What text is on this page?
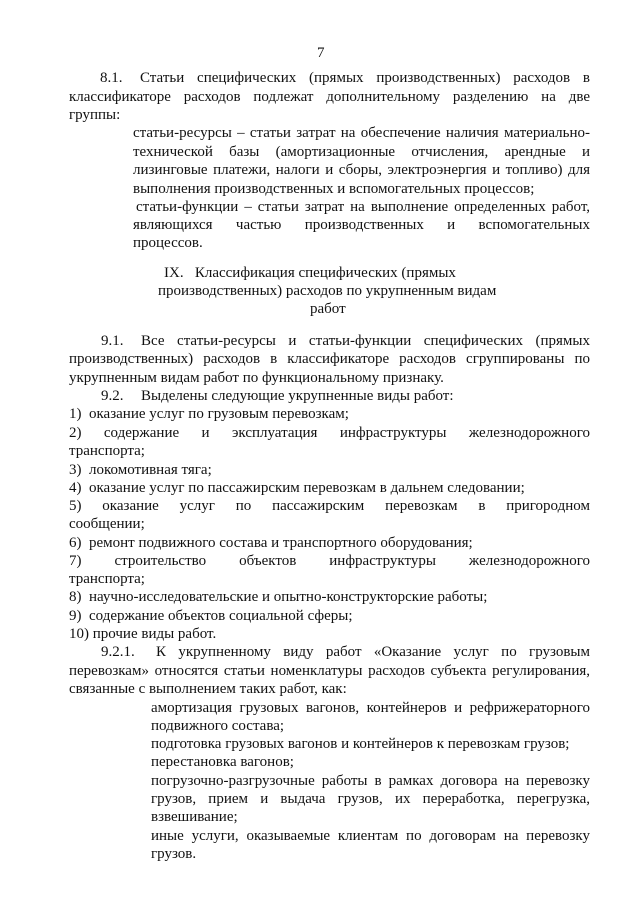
7
8.1. Статьи специфических (прямых производственных) расходов в
классификаторе расходов подлежат дополнительному разделению на две
группы:
статьи-ресурсы – статьи затрат на обеспечение наличия материально-
технической базы (амортизационные отчисления, арендные и
лизинговые платежи, налоги и сборы, электроэнергия и топливо) для
выполнения производственных и вспомогательных процессов;
статьи-функции – статьи затрат на выполнение определенных работ,
являющихся частью производственных и вспомогательных
процессов.
IX.   Классификация специфических (прямых
производственных) расходов по укрупненным видам
работ
9.1. Все статьи-ресурсы и статьи-функции специфических (прямых
производственных) расходов в классификаторе расходов сгруппированы по
укрупненным видам работ по функциональному признаку.
9.2. Выделены следующие укрупненные виды работ:
1)  оказание услуг по грузовым перевозкам;
2) содержание и эксплуатация инфраструктуры железнодорожного
транспорта;
3)  локомотивная тяга;
4)  оказание услуг по пассажирским перевозкам в дальнем следовании;
5) оказание услуг по пассажирским перевозкам в пригородном
сообщении;
6)  ремонт подвижного состава и транспортного оборудования;
7) строительство объектов инфраструктуры железнодорожного
транспорта;
8)  научно-исследовательские и опытно-конструкторские работы;
9)  содержание объектов социальной сферы;
10) прочие виды работ.
9.2.1. К укрупненному виду работ «Оказание услуг по грузовым
перевозкам» относятся статьи номенклатуры расходов субъекта регулирования,
связанные с выполнением таких работ, как:
амортизация грузовых вагонов, контейнеров и рефрижераторного
подвижного состава;
подготовка грузовых вагонов и контейнеров к перевозкам грузов;
перестановка вагонов;
погрузочно-разгрузочные работы в рамках договора на перевозку
грузов, прием и выдача грузов, их переработка, перегрузка,
взвешивание;
иные услуги, оказываемые клиентам по договорам на перевозку
грузов.
